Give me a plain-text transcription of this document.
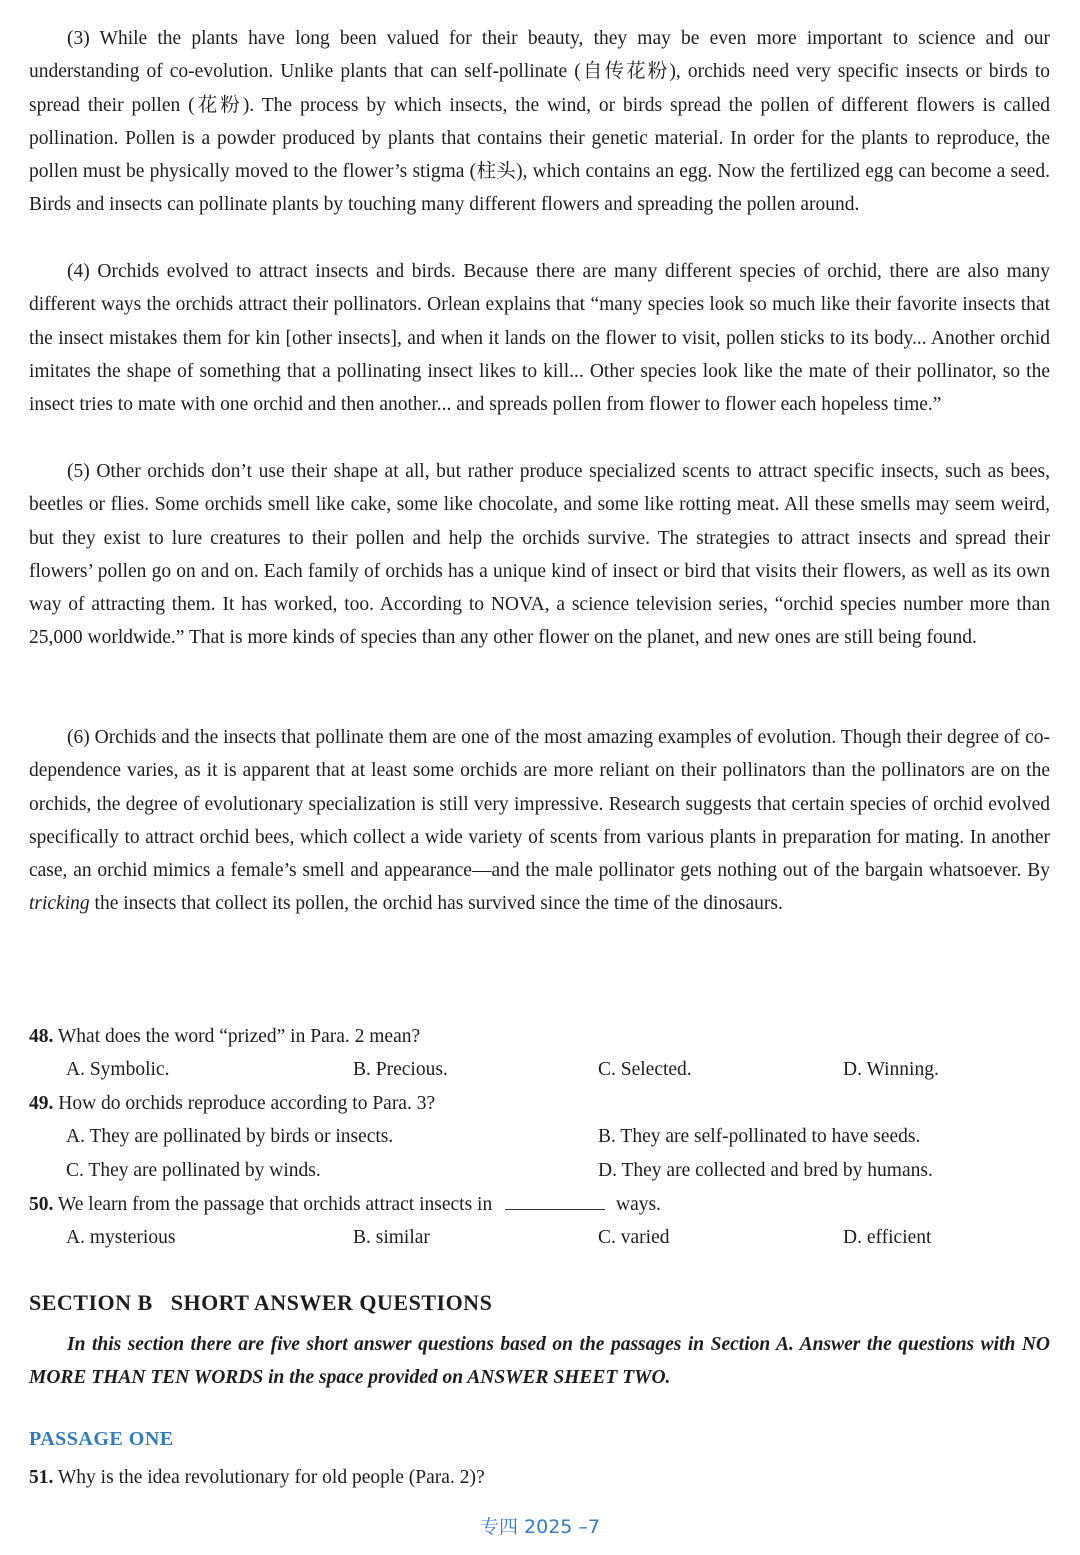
(3) While the plants have long been valued for their beauty, they may be even more important to science and our understanding of co-evolution. Unlike plants that can self-pollinate (自传花粉), orchids need very specific insects or birds to spread their pollen (花粉). The process by which insects, the wind, or birds spread the pollen of different flowers is called pollination. Pollen is a powder produced by plants that contains their genetic material. In order for the plants to reproduce, the pollen must be physically moved to the flower’s stigma (柱头), which contains an egg. Now the fertilized egg can become a seed. Birds and insects can pollinate plants by touching many different flowers and spreading the pollen around.

(4) Orchids evolved to attract insects and birds. Because there are many different species of orchid, there are also many different ways the orchids attract their pollinators. Orlean explains that “many species look so much like their favorite insects that the insect mistakes them for kin [other insects], and when it lands on the flower to visit, pollen sticks to its body... Another orchid imitates the shape of something that a pollinating insect likes to kill... Other species look like the mate of their pollinator, so the insect tries to mate with one orchid and then another... and spreads pollen from flower to flower each hopeless time.”

(5) Other orchids don’t use their shape at all, but rather produce specialized scents to attract specific insects, such as bees, beetles or flies. Some orchids smell like cake, some like chocolate, and some like rotting meat. All these smells may seem weird, but they exist to lure creatures to their pollen and help the orchids survive. The strategies to attract insects and spread their flowers’ pollen go on and on. Each family of orchids has a unique kind of insect or bird that visits their flowers, as well as its own way of attracting them. It has worked, too. According to NOVA, a science television series, “orchid species number more than 25,000 worldwide.” That is more kinds of species than any other flower on the planet, and new ones are still being found.

(6) Orchids and the insects that pollinate them are one of the most amazing examples of evolution. Though their degree of co-dependence varies, as it is apparent that at least some orchids are more reliant on their pollinators than the pollinators are on the orchids, the degree of evolutionary specialization is still very impressive. Research suggests that certain species of orchid evolved specifically to attract orchid bees, which collect a wide variety of scents from various plants in preparation for mating. In another case, an orchid mimics a female’s smell and appearance—and the male pollinator gets nothing out of the bargain whatsoever. By tricking the insects that collect its pollen, the orchid has survived since the time of the dinosaurs.

48. What does the word “prized” in Para. 2 mean?
A. Symbolic.	B. Precious.	C. Selected.	D. Winning.
49. How do orchids reproduce according to Para. 3?
A. They are pollinated by birds or insects.	B. They are self-pollinated to have seeds.
C. They are pollinated by winds.	D. They are collected and bred by humans.
50. We learn from the passage that orchids attract insects in	ways.
A. mysterious	B. similar	C. varied	D. efficient
SECTION B SHORT ANSWER QUESTIONS

In this section there are five short answer questions based on the passages in Section A. Answer the questions with NO MORE THAN TEN WORDS in the space provided on ANSWER SHEET TWO.

PASSAGE ONE
51. Why is the idea revolutionary for old people (Para. 2)?
专四 2025 –7
